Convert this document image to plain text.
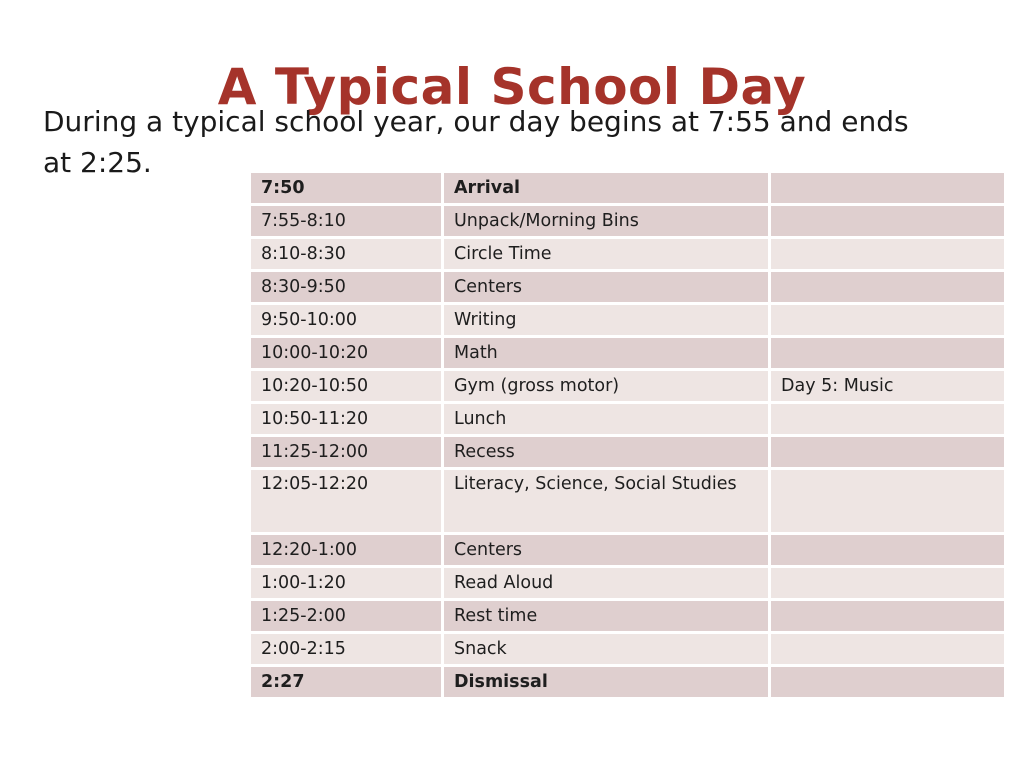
A Typical School Day
During a typical school year, our day begins at 7:55 and ends at 2:25.
7:50	Arrival	
7:55-8:10	Unpack/Morning Bins	
8:10-8:30	Circle Time	
8:30-9:50	Centers	
9:50-10:00	Writing	
10:00-10:20	Math	
10:20-10:50	Gym (gross motor)	Day 5: Music
10:50-11:20	Lunch	
11:25-12:00	Recess	
12:05-12:20	Literacy, Science, Social Studies	
12:20-1:00	Centers	
1:00-1:20	Read Aloud	
1:25-2:00	Rest time	
2:00-2:15	Snack	
2:27	Dismissal	
